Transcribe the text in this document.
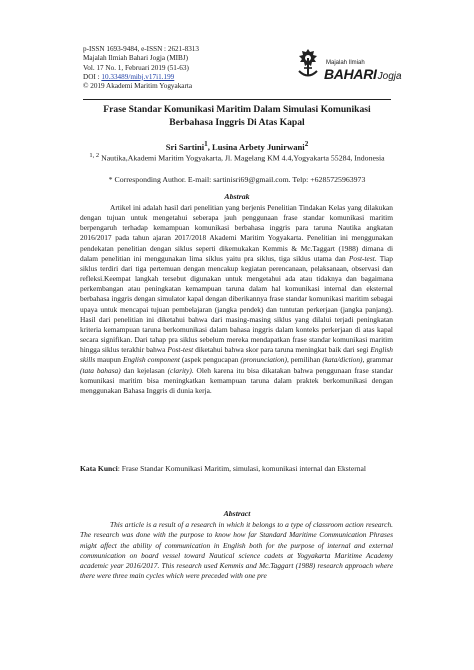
p-ISSN 1693-9484, e-ISSN : 2621-8313
Majalah Ilmiah Bahari Jogja (MIBJ)
Vol. 17 No. 1, Februari 2019 (51-63)
DOI : 10.33489/mibj.v17i1.199
© 2019 Akademi Maritim Yogyakarta
Majalah Ilmiah
BAHARIJogja
Frase Standar Komunikasi Maritim Dalam Simulasi Komunikasi Berbahasa Inggris Di Atas Kapal
Sri Sartini$^1$, Lusina Arbety Junirwani$^2$
$^{1, 2}$ Nautika,Akademi Maritim Yogyakarta, Jl. Magelang KM 4.4,Yogyakarta 55284, Indonesia
* Corresponding Author. E-mail: sartinisri69@gmail.com. Telp: +6285725963973
Abstrak
Artikel ini adalah hasil dari penelitian yang berjenis Penelitian Tindakan Kelas yang dilakukan dengan tujuan untuk mengetahui seberapa jauh penggunaan frase standar komunikasi maritim berpengaruh terhadap kemampuan komunikasi berbahasa inggris para taruna Nautika angkatan 2016/2017 pada tahun ajaran 2017/2018 Akademi Maritim Yogyakarta. Penelitian ini menggunakan pendekatan penelitian dengan siklus seperti dikemukakan Kemmis & Mc.Taggart (1988) dimana di dalam penelitian ini menggunakan lima siklus yaitu pra siklus, tiga siklus utama dan Post-test. Tiap siklus terdiri dari tiga pertemuan dengan mencakup kegiatan perencanaan, pelaksanaan, observasi dan refleksi.Keempat langkah tersebut digunakan untuk mengetahui ada atau tidaknya dan bagaimana perkembangan atau peningkatan kemampuan taruna dalam hal komunikasi internal dan eksternal berbahasa inggris dengan simulator kapal dengan diberikannya frase standar komunikasi maritim sebagai upaya untuk mencapai tujuan pembelajaran (jangka pendek) dan tuntutan perkerjaan (jangka panjang). Hasil dari penelitian ini diketahui bahwa dari masing-masing siklus yang dilalui terjadi peningkatan kriteria kemampuan taruna berkomunikasi dalam bahasa inggris dalam konteks perkerjaan di atas kapal secara signifikan. Dari tahap pra siklus sebelum mereka mendapatkan frase standar komunikasi maritim hingga siklus terakhir bahwa Post-test diketahui bahwa skor para taruna meningkat baik dari segi English skills maupun English component (aspek pengucapan (pronunciation), pemilihan (kata/diction), grammar (tata bahasa) dan kejelasan (clarity). Oleh karena itu bisa dikatakan bahwa penggunaan frase standar komunikasi maritim bisa meningkatkan kemampuan taruna dalam praktek berkomunikasi dengan menggunakan Bahasa Inggris di dunia kerja.
Kata Kunci: Frase Standar Komunikasi Maritim, simulasi, komunikasi internal dan Eksternal
Abstract
This article is a result of a research in which it belongs to a type of classroom action research. The research was done with the purpose to know how far Standard Maritime Communication Phrases might affect the ability of communication in English both for the purpose of internal and external communication on board vessel toward Nautical science cadets at Yogyakarta Maritime Academy academic year 2016/2017. This research used Kemmis and Mc.Taggart (1988) research approach where there were three main cycles which were preceded with one pre
